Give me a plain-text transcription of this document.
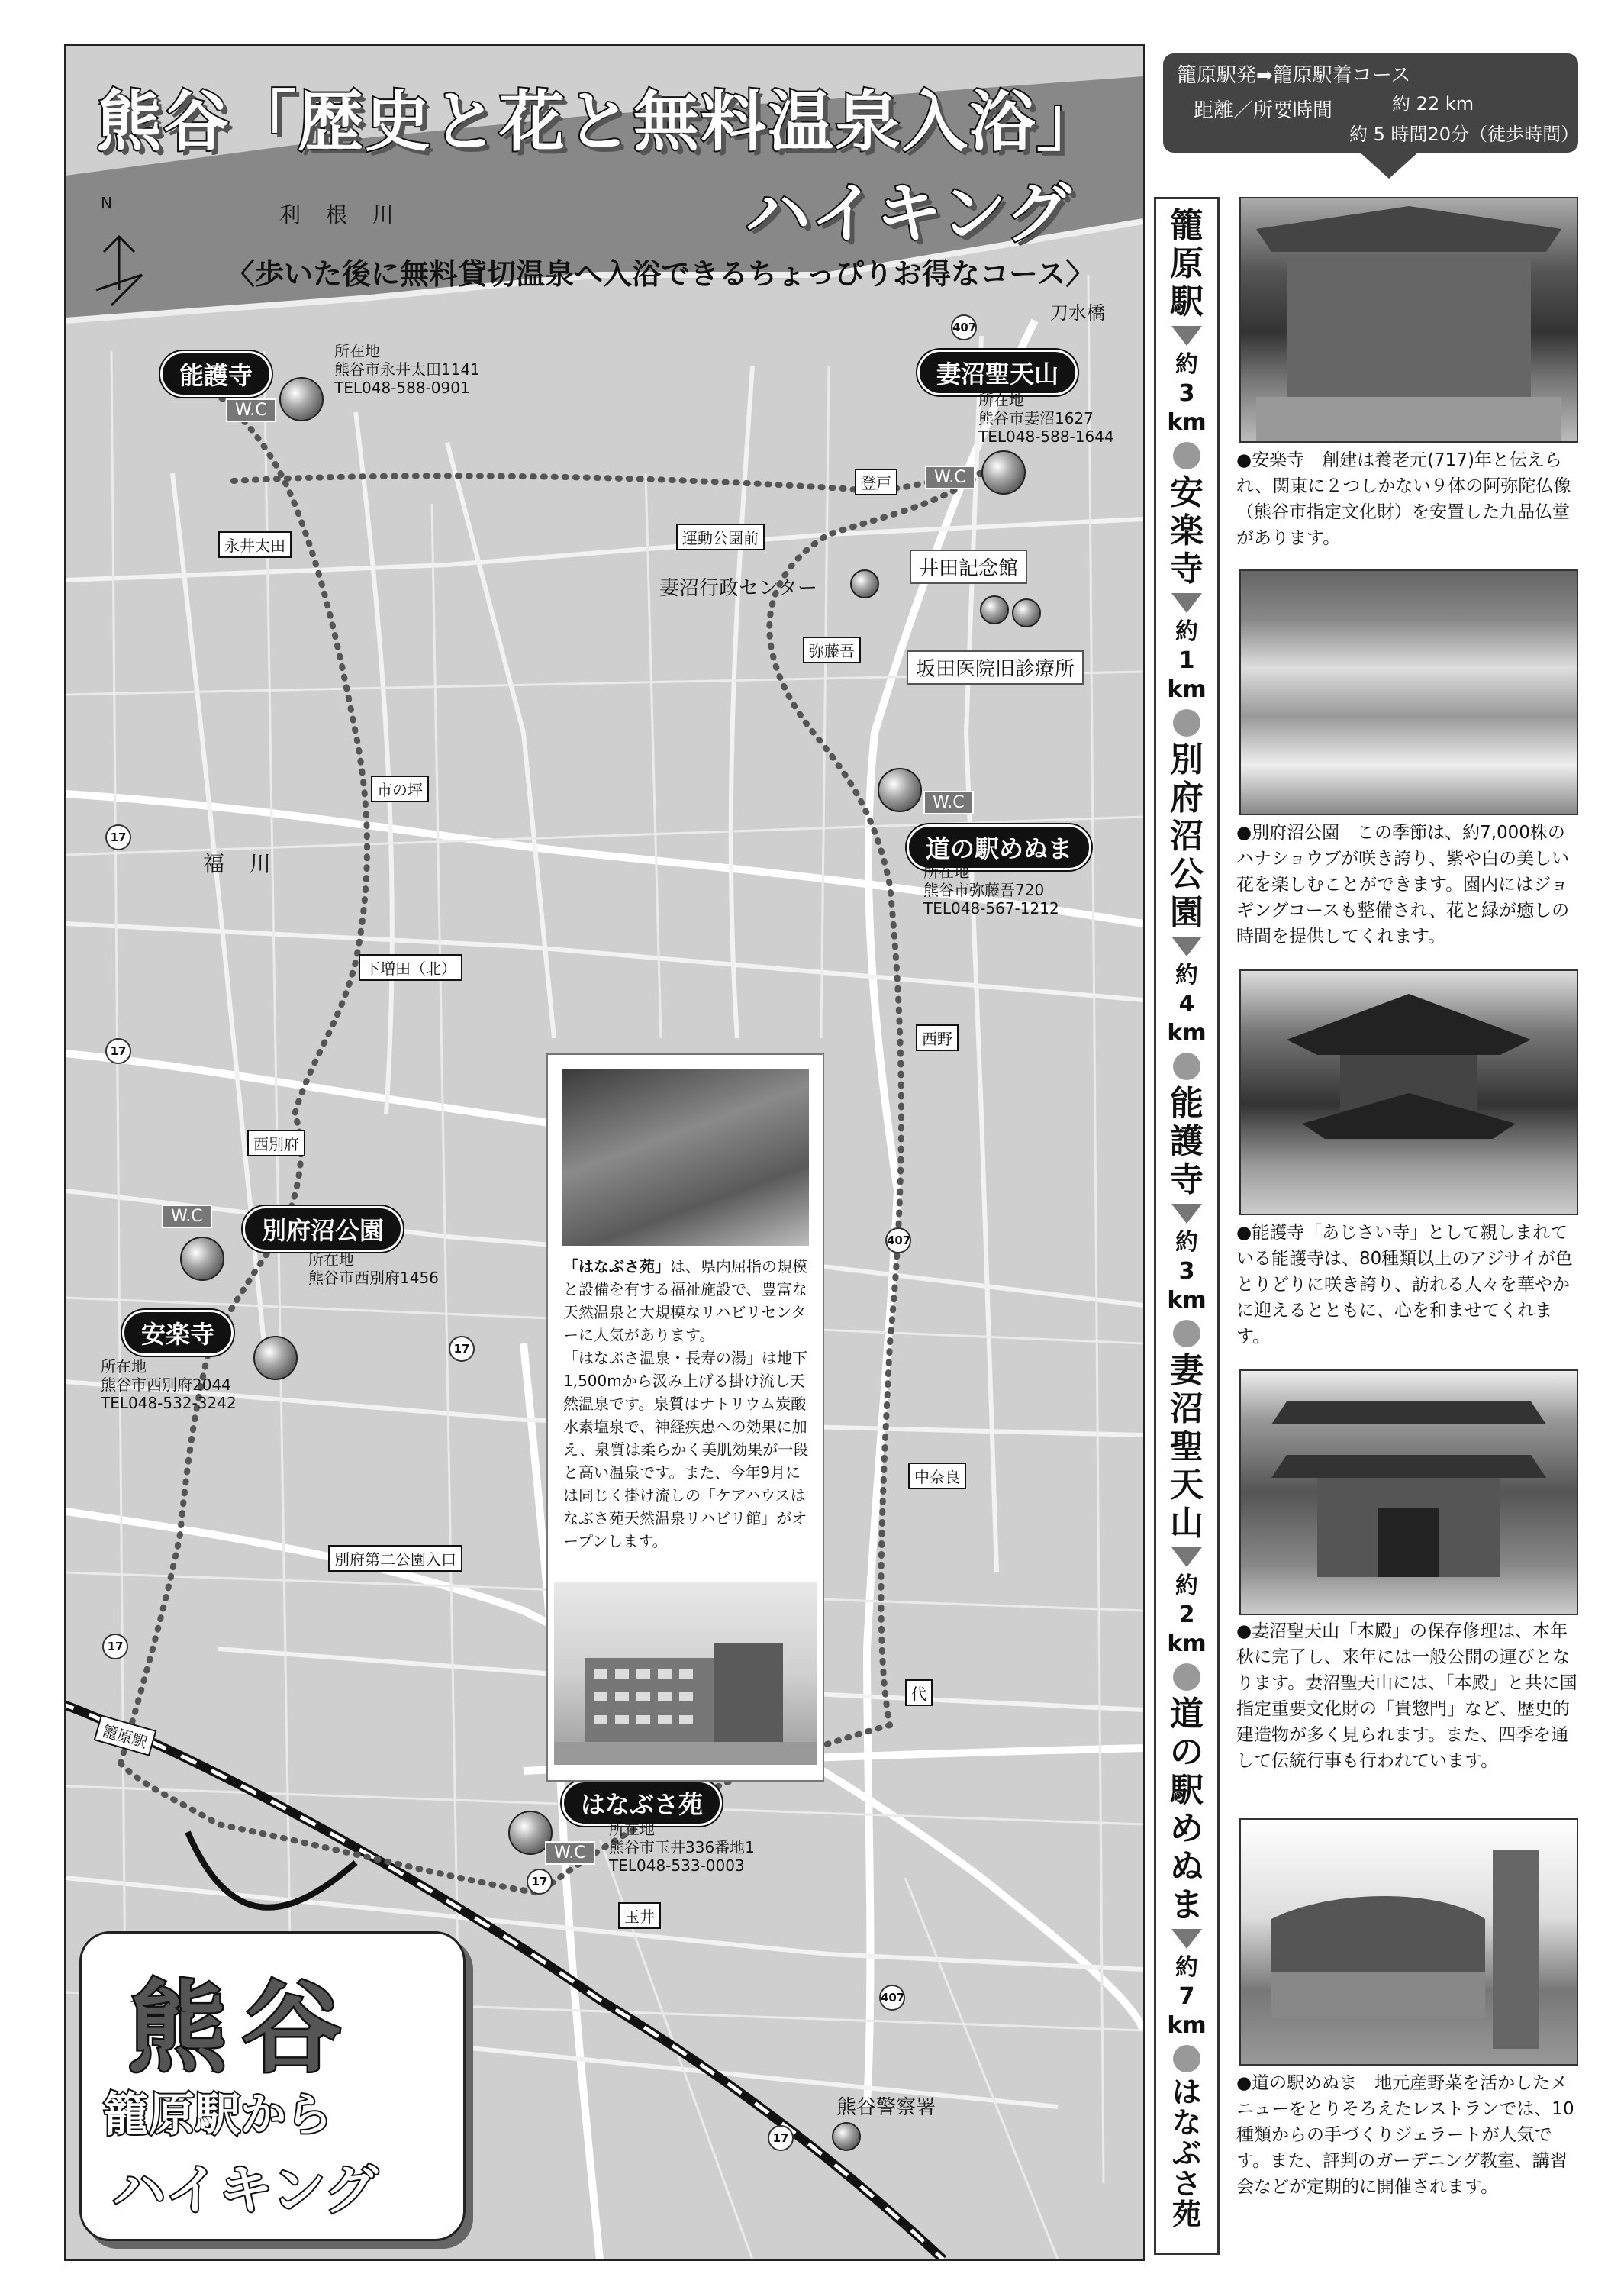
N	利 根 川
福 川
刀水橋
熊谷「歴史と花と無料温泉入浴」
ハイキング
〈歩いた後に無料貸切温泉へ入浴できるちょっぴりお得なコース〉
407
17
17
17
17
407
17
407
17
永井太田	運動公園前
登戸
弥藤吾
市の坪
下増田（北）
西野
西別府
中奈良
別府第二公園入口
代
玉井
籠原駅
能護寺
W.C
所在地
熊谷市永井太田1141
TEL048-588-0901	妻沼聖天山
W.C
所在地
熊谷市妻沼1627
TEL048-588-1644
妻沼行政センター
井田記念館
坂田医院旧診療所
W.C
道の駅めぬま
所在地
熊谷市弥藤吾720
TEL048-567-1212
W.C	別府沼公園
所在地
熊谷市西別府1456
安楽寺
所在地
熊谷市西別府2044
TEL048-532-3242
はなぶさ苑
W.C
所在地
熊谷市玉井336番地1
TEL048-533-0003
熊谷警察署
「はなぶさ苑」は、県内屈指の規模と設備を有する福祉施設で、豊富な天然温泉と大規模なリハビリセンターに人気があります。
「はなぶさ温泉・長寿の湯」は地下1,500mから汲み上げる掛け流し天然温泉です。泉質はナトリウム炭酸水素塩泉で、神経疾患への効果に加え、泉質は柔らかく美肌効果が一段と高い温泉です。また、今年9月には同じく掛け流しの「ケアハウスはなぶさ苑天然温泉リハビリ館」がオープンします。
熊谷
籠原駅から
ハイキング
籠原駅発➡籠原駅着コース
距離／所要時間	約 22 km
約 5 時間20分（徒歩時間）
籠
原
駅
約
3
km
安
楽
寺
約
1
km
別
府
沼
公
園
約
4
km
能
護
寺
約
3
km
妻
沼
聖
天
山
約
2
km
道
の
駅
め
ぬ
ま
約
7
km
は
な
ぶ
さ
苑
●安楽寺　創建は養老元(717)年と伝えられ、関東に２つしかない９体の阿弥陀仏像（熊谷市指定文化財）を安置した九品仏堂があります。
●別府沼公園　この季節は、約7,000株のハナショウブが咲き誇り、紫や白の美しい花を楽しむことができます。園内にはジョギングコースも整備され、花と緑が癒しの時間を提供してくれます。
●能護寺「あじさい寺」として親しまれている能護寺は、80種類以上のアジサイが色とりどりに咲き誇り、訪れる人々を華やかに迎えるとともに、心を和ませてくれます。
●妻沼聖天山「本殿」の保存修理は、本年秋に完了し、来年には一般公開の運びとなります。妻沼聖天山には、「本殿」と共に国指定重要文化財の「貴惣門」など、歴史的建造物が多く見られます。また、四季を通して伝統行事も行われています。
●道の駅めぬま　地元産野菜を活かしたメニューをとりそろえたレストランでは、10種類からの手づくりジェラートが人気です。また、評判のガーデニング教室、講習会などが定期的に開催されます。
